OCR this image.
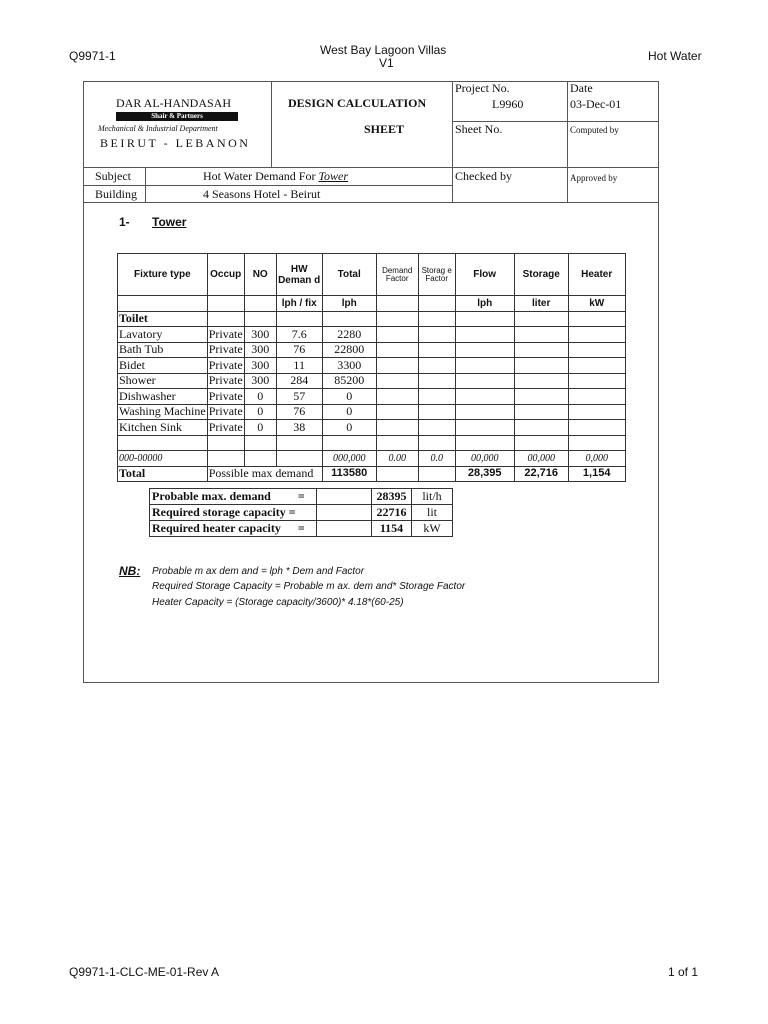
Q9971-1	West Bay Lagoon Villas
V1	Hot Water
DAR AL-HANDASAH
Shair & Partners
Mechanical & Industrial Department
BEIRUT - LEBANON
DESIGN CALCULATION
SHEET
Project No.
L9960
Date
03-Dec-01
Sheet No.	Computed by
Subject	Hot Water Demand For Tower	Checked by	Approved by
Building	4 Seasons Hotel - Beirut
1- Tower
Fixture type	Occup	NO	HW Deman d	Total	Demand Factor	Storag e Factor	Flow	Storage	Heater
			lph / fix	lph			lph	liter	kW
Toilet									
Lavatory	Private	300	7.6	2280					
Bath Tub	Private	300	76	22800					
Bidet	Private	300	11	3300					
Shower	Private	300	284	85200					
Dishwasher	Private	0	57	0					
Washing Machine	Private	0	76	0					
Kitchen Sink	Private	0	38	0					

000-00000				000,000	0.00	0.0	00,000	00,000	0,000
Total	Possible max demand			113580			28,395	22,716	1,154
Probable max. demand	=		28395	lit/h
Required storage capacity =			22716	lit
Required heater capacity	=		1154	kW
NB: Probable m ax dem and = lph * Dem and Factor
Required Storage Capacity = Probable m ax. dem and* Storage Factor
Heater Capacity = (Storage capacity/3600)* 4.18*(60-25)
Q9971-1-CLC-ME-01-Rev A	1 of 1
